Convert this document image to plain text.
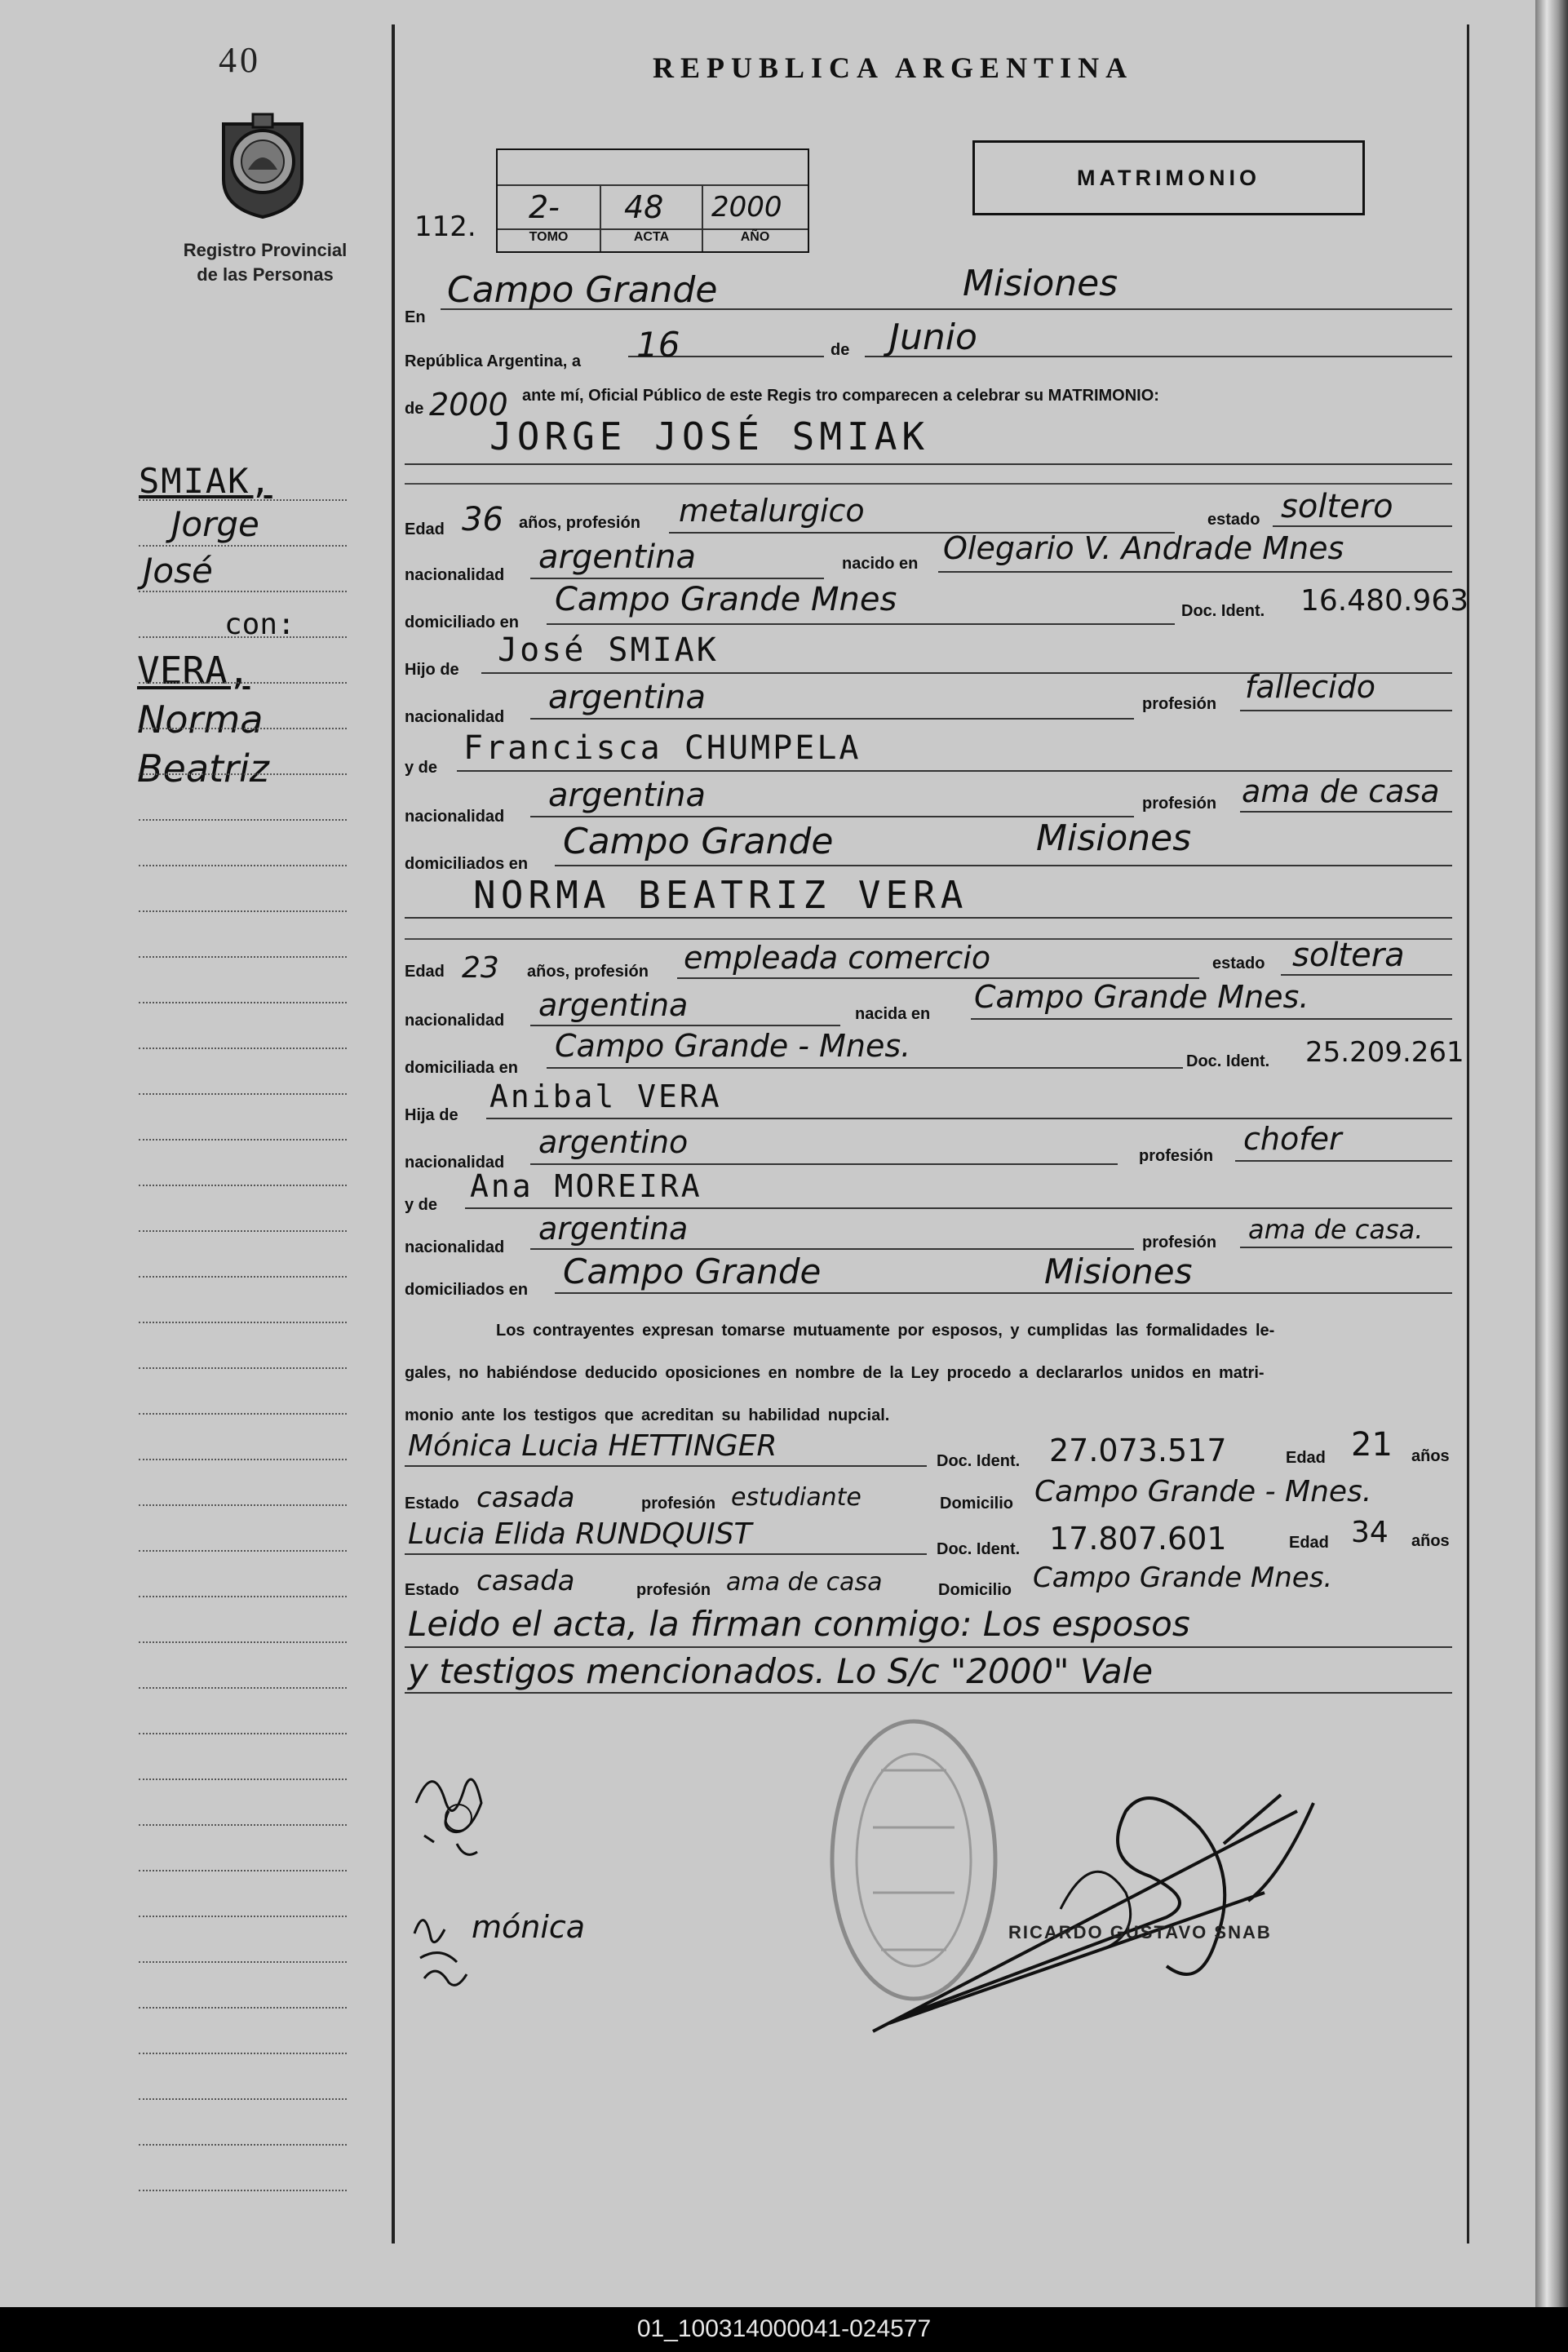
40
Registro Provincial
de las Personas
SMIAK,
Jorge
José
con:
VERA,
Norma
Beatriz
REPUBLICA ARGENTINA
MATRIMONIO
112.
2- 48 2000
TOMO	ACTA	AÑO
En
Campo Grande	Misiones
República Argentina, a 16	de Junio
de 2000 ante mí, Oficial Público de este Regis tro comparecen a celebrar su MATRIMONIO:
JORGE JOSÉ SMIAK
Edad 36 años, profesión metalurgico	estado soltero
nacionalidad argentina	nacido en Olegario V. Andrade Mnes
domiciliado en
Campo Grande Mnes	Doc. Ident. 16.480.963
Hijo de
José SMIAK
nacionalidad
argentina	profesión fallecido
y de
Francisca CHUMPELA
nacionalidad
argentina	profesión ama de casa
domiciliados en
Campo Grande	Misiones
NORMA BEATRIZ VERA
Edad 23 años, profesión empleada comercio	estado soltera
nacionalidad argentina	nacida en Campo Grande Mnes.
domiciliada en
Campo Grande - Mnes.	Doc. Ident. 25.209.261
Hija de
Anibal VERA
nacionalidad
argentino	profesión chofer
y de
Ana MOREIRA
nacionalidad
argentina	profesión ama de casa.
domiciliados en Campo Grande	Misiones
Los contrayentes expresan tomarse mutuamente por esposos, y cumplidas las formalidades le-
gales, no habiéndose deducido oposiciones en nombre de la Ley procedo a declararlos unidos en matri-
monio ante los testigos que acreditan su habilidad nupcial.
Mónica Lucia HETTINGER	Doc. Ident. 27.073.517	Edad 21 años
Estado casada	profesión estudiante	Domicilio Campo Grande - Mnes.
Lucia Elida RUNDQUIST	Doc. Ident. 17.807.601	Edad 34 años
Estado casada	profesión ama de casa	Domicilio Campo Grande Mnes.
Leido el acta, la firman conmigo: Los esposos
y testigos mencionados. Lo S/c "2000" Vale
mónica	RICARDO GUSTAVO SNAB
01_100314000041-024577
